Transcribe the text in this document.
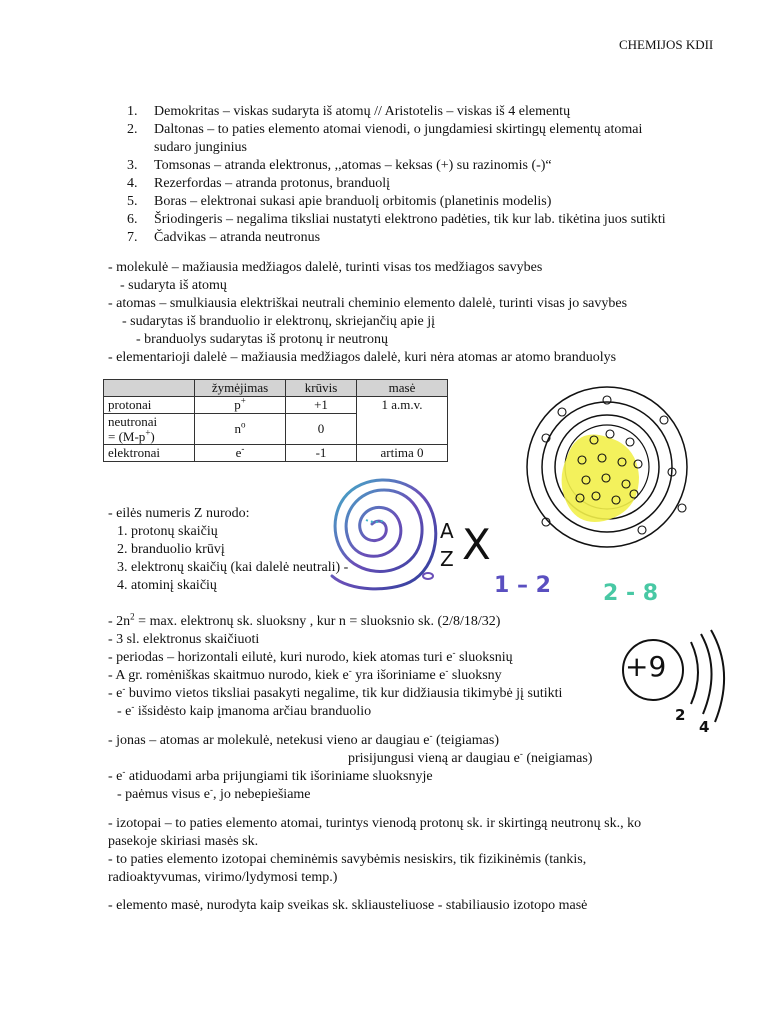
CHEMIJOS KDII
1. Demokritas – viskas sudaryta iš atomų // Aristotelis – viskas iš 4 elementų
2. Daltonas – to paties elemento atomai vienodi, o jungdamiesi skirtingų elementų atomai
sudaro junginius
3. Tomsonas – atranda elektronus, ,,atomas – keksas (+) su razinomis (-)“
4. Rezerfordas – atranda protonus, branduolį
5. Boras – elektronai sukasi apie branduolį orbitomis (planetinis modelis)
6. Šriodingeris – negalima tiksliai nustatyti elektrono padėties, tik kur lab. tikėtina juos sutikti
7. Čadvikas – atranda neutronus
- molekulė – mažiausia medžiagos dalelė, turinti visas tos medžiagos savybes
- sudaryta iš atomų
- atomas – smulkiausia elektriškai neutrali cheminio elemento dalelė, turinti visas jo savybes
- sudarytas iš branduolio ir elektronų, skriejančių apie jį
- branduolys sudarytas iš protonų ir neutronų
- elementarioji dalelė – mažiausia medžiagos dalelė, kuri nėra atomas ar atomo branduolys
	žymėjimas	krūvis	masė
protonai	p+	+1	1 a.m.v.
neutronai
= (M-p+)	$n^o$	0	
elektronai	e-	-1	artima 0
A
Z X
1 – 2 2 - 8
- eilės numeris Z nurodo:
1. protonų skaičių
2. branduolio krūvį
3. elektronų skaičių (kai dalelė neutrali) -
4. atominį skaičių
+9
2
4
- $2n^2 = \max$. elektronų sk. sluoksny , kur n = sluoksnio sk. (2/8/18/32)
- 3 sl. elektronus skaičiuoti
- periodas – horizontali eilutė, kuri nurodo, kiek atomas turi e- sluoksnių
- A gr. romėniškas skaitmuo nurodo, kiek e- yra išoriniame e- sluoksny
- e- buvimo vietos tiksliai pasakyti negalime, tik kur didžiausia tikimybė jį sutikti
- e- išsidėsto kaip įmanoma arčiau branduolio
- jonas – atomas ar molekulė, netekusi vieno ar daugiau e- (teigiamas)
prisijungusi vieną ar daugiau e- (neigiamas)
- e- atiduodami arba prijungiami tik išoriniame sluoksnyje
- paėmus visus e-, jo nebepiešiame
- izotopai – to paties elemento atomai, turintys vienodą protonų sk. ir skirtingą neutronų sk., ko
pasekoje skiriasi masės sk.
- to paties elemento izotopai cheminėmis savybėmis nesiskirs, tik fizikinėmis (tankis,
radioaktyvumas, virimo/lydymosi temp.)
- elemento masė, nurodyta kaip sveikas sk. skliausteliuose - stabiliausio izotopo masė
